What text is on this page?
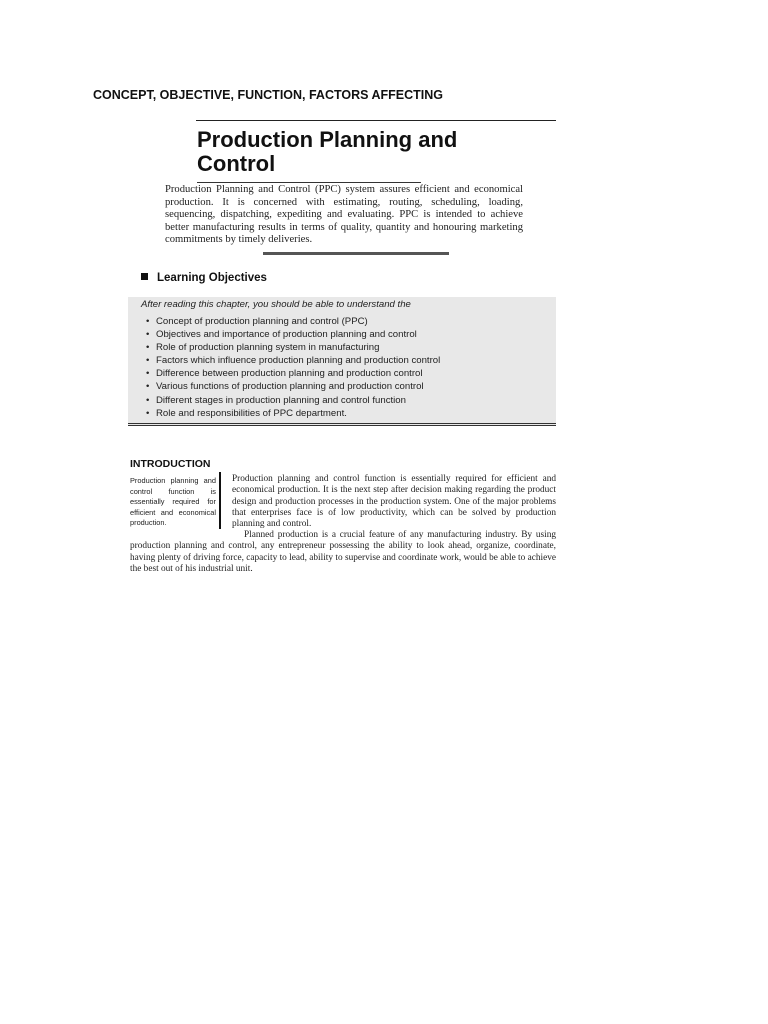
CONCEPT, OBJECTIVE, FUNCTION, FACTORS AFFECTING
Production Planning and Control

Production Planning and Control (PPC) system assures efficient and economical production. It is concerned with estimating, routing, scheduling, loading, sequencing, dispatching, expediting and evaluating. PPC is intended to achieve better manufacturing results in terms of quality, quantity and honouring marketing commitments by timely deliveries.

Learning Objectives
After reading this chapter, you should be able to understand the
• Concept of production planning and control (PPC)
• Objectives and importance of production planning and control
• Role of production planning system in manufacturing
• Factors which influence production planning and production control
• Difference between production planning and production control
• Various functions of production planning and production control
• Different stages in production planning and control function
• Role and responsibilities of PPC department.
INTRODUCTION

Production planning and control function is essentially required for efficient and economical production.

Production planning and control function is essentially required for efficient and economical production. It is the next step after decision making regarding the product design and production processes in the production system. One of the major problems that enterprises face is of low productivity, which can be solved by production planning and control.

Planned production is a crucial feature of any manufacturing industry. By using production planning and control, any entrepreneur possessing the ability to look ahead, organize, coordinate, having plenty of driving force, capacity to lead, ability to supervise and coordinate work, would be able to achieve the best out of his industrial unit.
